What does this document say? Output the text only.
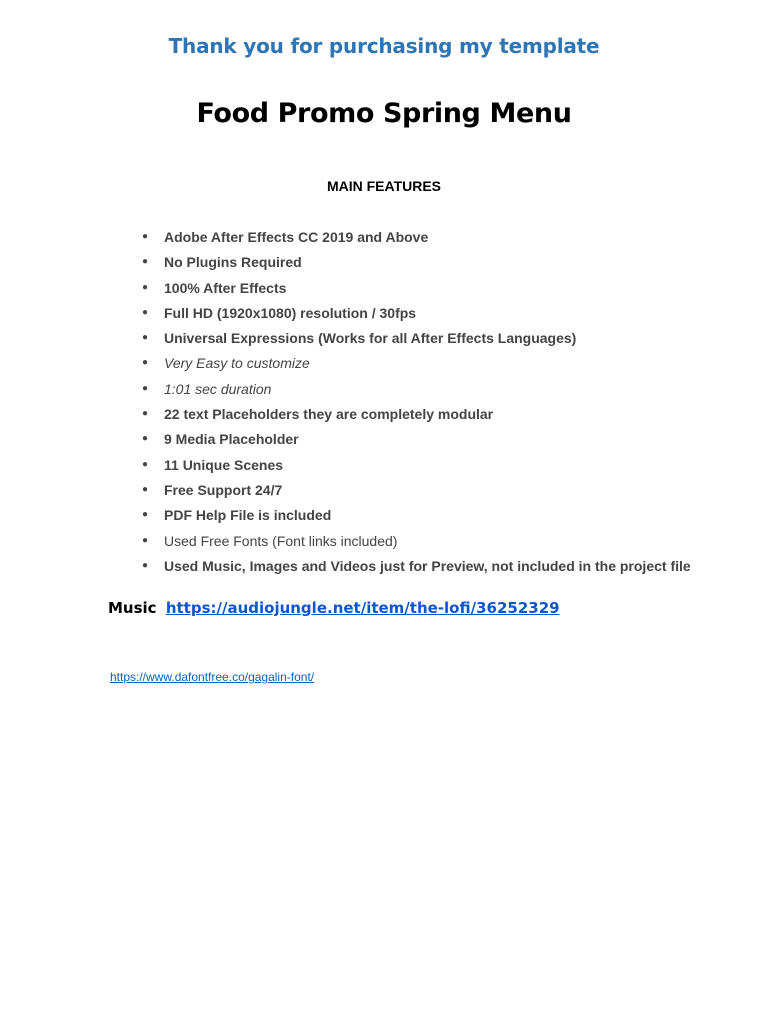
Thank you for purchasing my template
Food Promo Spring Menu
MAIN FEATURES
● Adobe After Effects CC 2019 and Above
● No Plugins Required
● 100% After Effects
● Full HD (1920x1080) resolution / 30fps
● Universal Expressions (Works for all After Effects Languages)
● Very Easy to customize
● 1:01 sec duration
● 22 text Placeholders they are completely modular
● 9 Media Placeholder
● 11 Unique Scenes
● Free Support 24/7
● PDF Help File is included
● Used Free Fonts (Font links included)
● Used Music, Images and Videos just for Preview, not included in the project file
Music https://audiojungle.net/item/the-lofi/36252329
https://www.dafontfree.co/gagalin-font/
